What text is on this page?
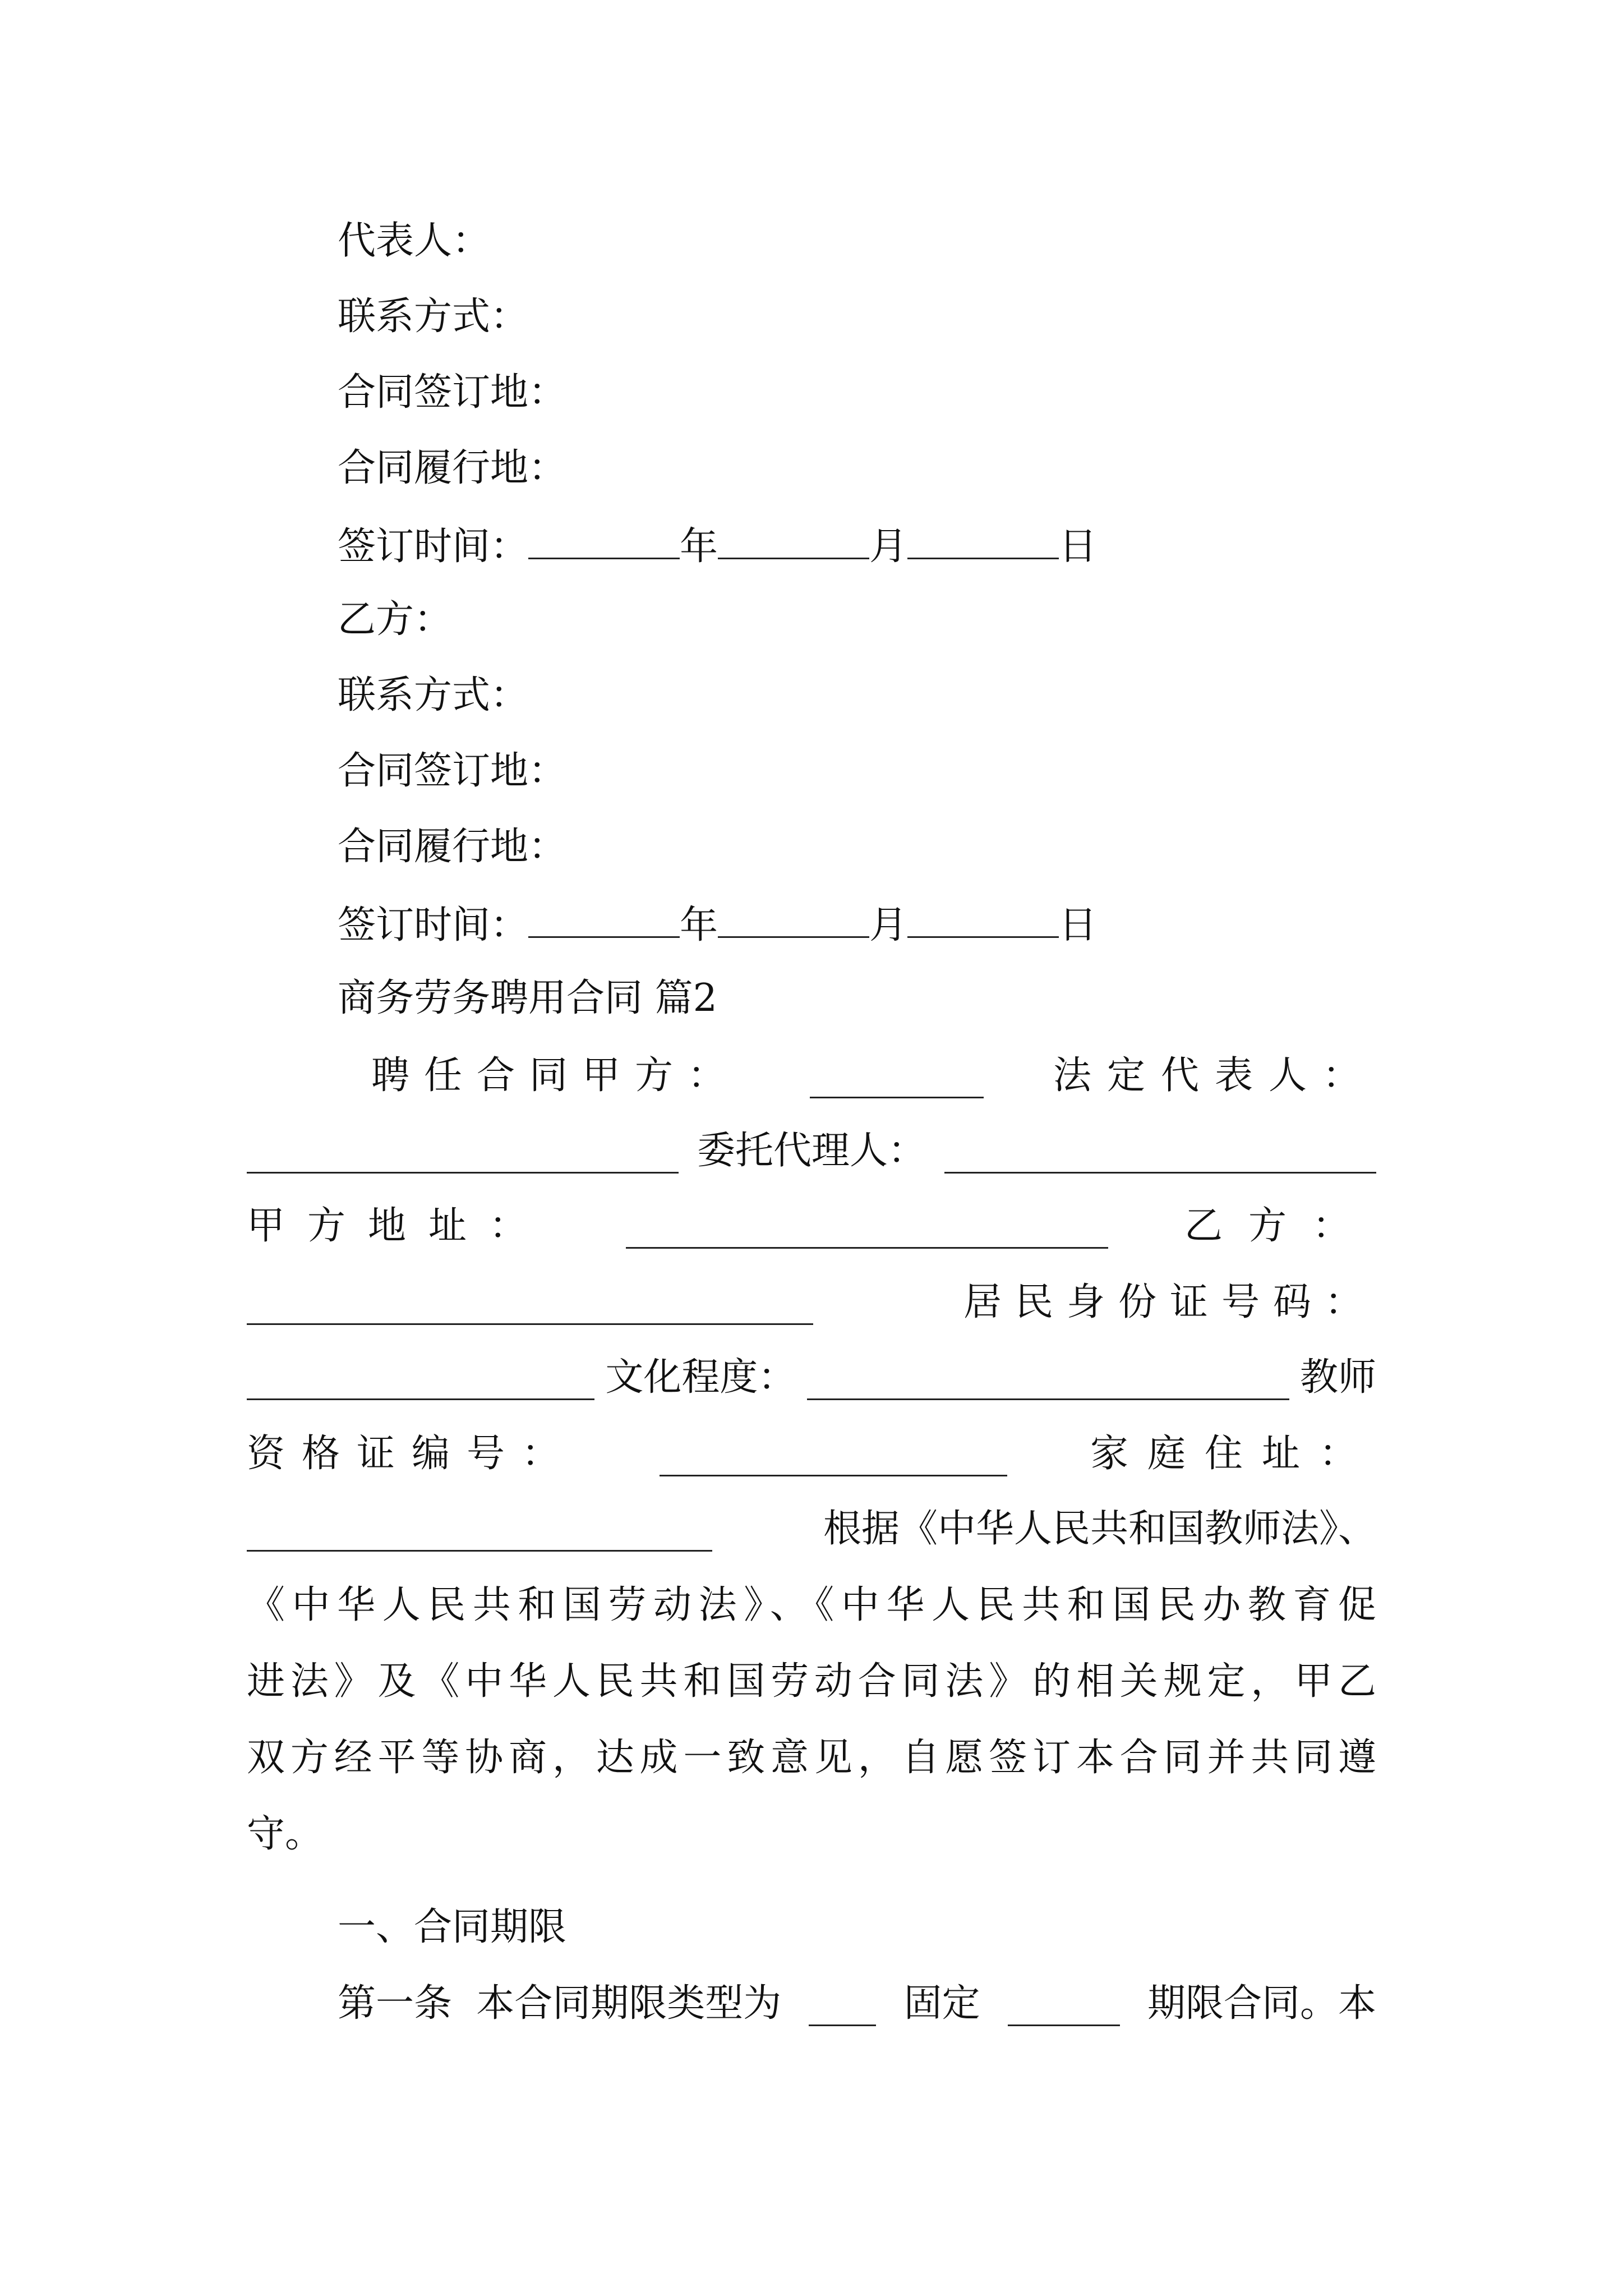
代表人：
联系方式：
合同签订地：
合同履行地：
签订时间：	年	月	日
乙方：
联系方式：
合同签订地：
合同履行地：
签订时间：	年	月	日
商务劳务聘用合同 篇2
聘任合同甲方：	法定代表人：
委托代理人：
甲方地址：	乙方：
居民身份证号码：
文化程度：	教师
资格证编号：	家庭住址：
根据《中华人民共和国教师法》、
《中华人民共和国劳动法》、《中华人民共和国民办教育促
进法》及《中华人民共和国劳动合同法》的相关规定，甲乙
双方经平等协商，达成一致意见，自愿签订本合同并共同遵
守。
一、合同期限
第一条  本合同期限类型为	固定	期限合同。本
